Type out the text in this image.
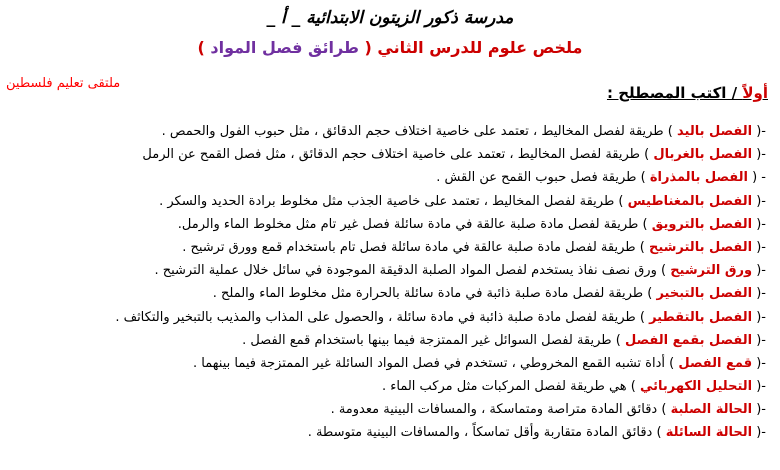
مدرسة ذكور الزيتون الابتدائية _ أ _
ملخص علوم للدرس الثاني ( طرائق فصل المواد )
ملتقى تعليم فلسطين
أولاً / اكتب المصطلح :
-( الفصل باليد ) طريقة لفصل المخاليط ، تعتمد على خاصية اختلاف حجم الدقائق ، مثل حبوب الفول والحمص .
-( الفصل بالغربال ) طريقة لفصل المخاليط ، تعتمد على خاصية اختلاف حجم الدقائق ، مثل فصل القمح عن الرمل
- ( الفصل بالمذراة ) طريقة فصل حبوب القمح عن القش .
-( الفصل بالمغناطيس ) طريقة لفصل المخاليط ، تعتمد على خاصية الجذب مثل مخلوط برادة الحديد والسكر .
-( الفصل بالترويق ) طريقة لفصل مادة صلبة عالقة في مادة سائلة فصل غير تام مثل مخلوط الماء والرمل.
-( الفصل بالترشيح ) طريقة لفصل مادة صلبة عالقة في مادة سائلة فصل تام باستخدام قمع وورق ترشيح .
-( ورق الترشيح ) ورق نصف نفاذ يستخدم لفصل المواد الصلبة الدقيقة الموجودة في سائل خلال عملية الترشيح .
-( الفصل بالتبخير ) طريقة لفصل مادة صلبة ذائبة في مادة سائلة بالحرارة مثل مخلوط الماء والملح .
-( الفصل بالتقطير ) طريقة لفصل مادة صلبة ذائبة في مادة سائلة ، والحصول على المذاب والمذيب بالتبخير والتكاثف .
-( الفصل بقمع الفصل ) طريقة لفصل السوائل غير الممتزجة فيما بينها باستخدام قمع الفصل .
-( قمع الفصل ) أداة تشبه القمع المخروطي ، تستخدم في فصل المواد السائلة غير الممتزجة فيما بينهما .
-( التحليل الكهربائي ) هي طريقة لفصل المركبات مثل مركب الماء .
-( الحالة الصلبة ) دقائق المادة متراصة ومتماسكة ، والمسافات البينية معدومة .
-( الحالة السائلة ) دقائق المادة متقاربة وأقل تماسكاً ، والمسافات البينية متوسطة .
